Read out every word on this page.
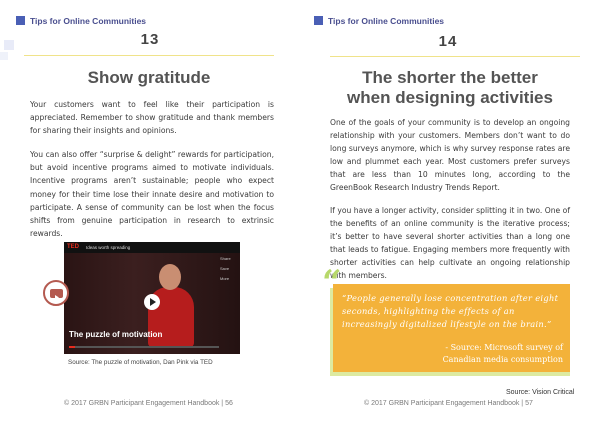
Tips for Online Communities
13
Show gratitude

Your customers want to feel like their participation is appreciated. Remember to show gratitude and thank members for sharing their insights and opinions.

You can also offer “surprise & delight” rewards for participation, but avoid incentive programs aimed to motivate individuals. Incentive programs aren’t sustainable; people who expect money for their time lose their innate desire and motivation to participate. A sense of community can be lost when the focus shifts from genuine participation in research to extrinsic rewards.

TED Ideas worth spreading
Share
Save
More
The puzzle of motivation
Source: The puzzle of motivation, Dan Pink via TED
© 2017 GRBN Participant Engagement Handbook | 56
Tips for Online Communities
14
The shorter the better
when designing activities

One of the goals of your community is to develop an ongoing relationship with your customers. Members don’t want to do long surveys anymore, which is why survey response rates are low and plummet each year. Most customers prefer surveys that are less than 10 minutes long, according to the GreenBook Research Industry Trends Report.

If you have a longer activity, consider splitting it in two. One of the benefits of an online community is the iterative process; it’s better to have several shorter activities than a long one that leads to fatigue. Engaging members more frequently with shorter activities can help cultivate an ongoing relationship with members.

“People generally lose concentration after eight seconds, highlighting the effects of an increasingly digitalized lifestyle on the brain.”
- Source: Microsoft survey of Canadian media consumption
“
Source: Vision Critical
© 2017 GRBN Participant Engagement Handbook | 57
